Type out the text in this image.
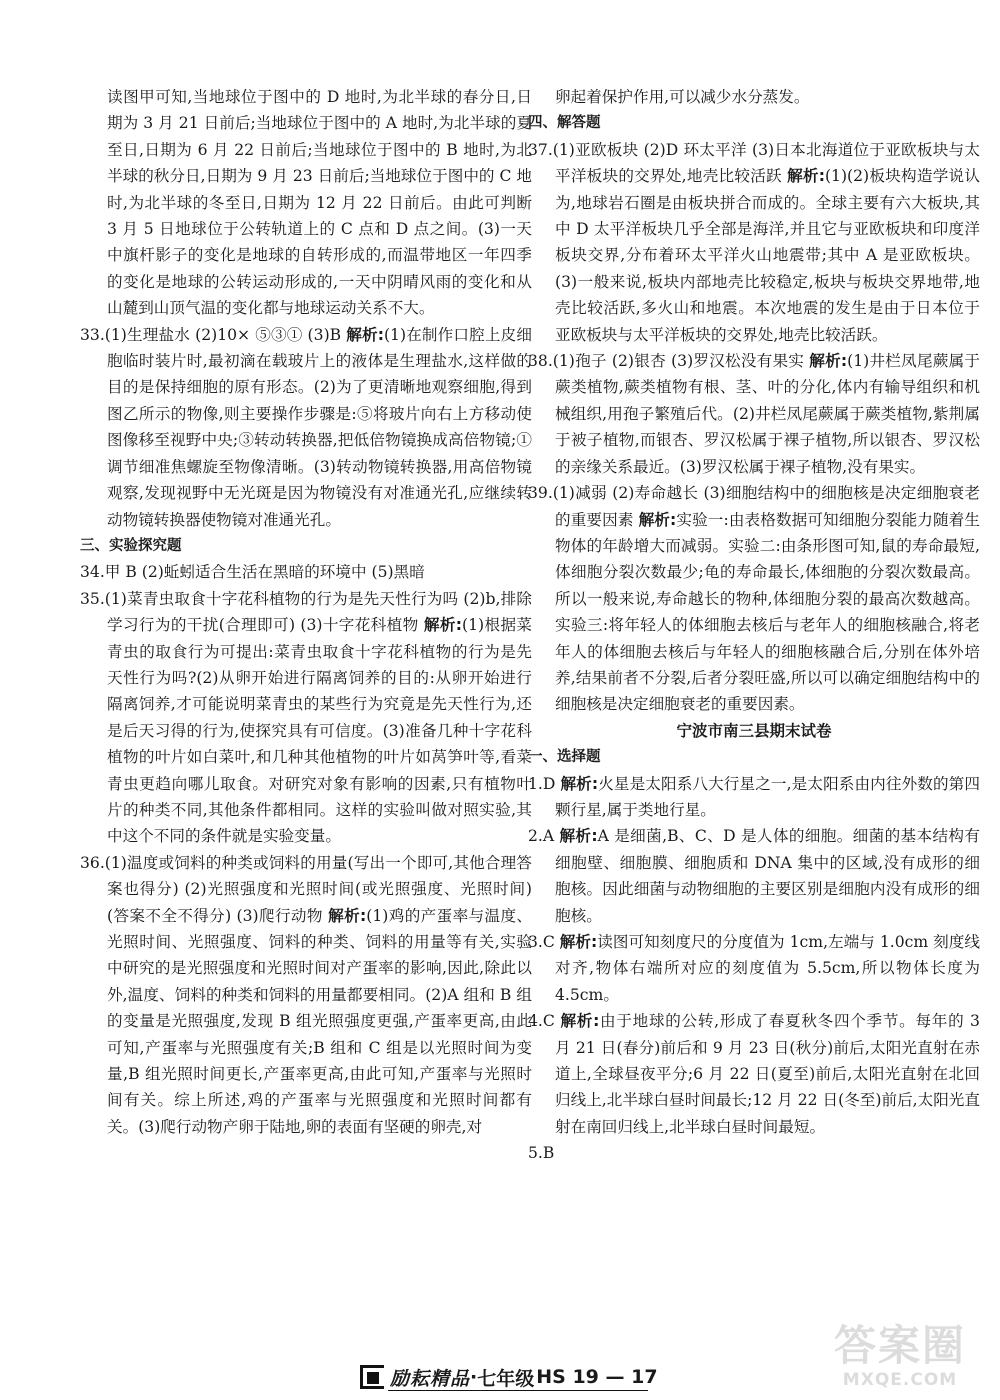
读图甲可知,当地球位于图中的 D 地时,为北半球的春分日,日期为 3 月 21 日前后;当地球位于图中的 A 地时,为北半球的夏至日,日期为 6 月 22 日前后;当地球位于图中的 B 地时,为北半球的秋分日,日期为 9 月 23 日前后;当地球位于图中的 C 地时,为北半球的冬至日,日期为 12 月 22 日前后。由此可判断 3 月 5 日地球位于公转轨道上的 C 点和 D 点之间。(3)一天中旗杆影子的变化是地球的自转形成的,而温带地区一年四季的变化是地球的公转运动形成的,一天中阴晴风雨的变化和从山麓到山顶气温的变化都与地球运动关系不大。

33.(1)生理盐水 (2)10× ⑤③① (3)B 解析:(1)在制作口腔上皮细胞临时装片时,最初滴在载玻片上的液体是生理盐水,这样做的目的是保持细胞的原有形态。(2)为了更清晰地观察细胞,得到图乙所示的物像,则主要操作步骤是:⑤将玻片向右上方移动使图像移至视野中央;③转动转换器,把低倍物镜换成高倍物镜;①调节细准焦螺旋至物像清晰。(3)转动物镜转换器,用高倍物镜观察,发现视野中无光斑是因为物镜没有对准通光孔,应继续转动物镜转换器使物镜对准通光孔。

三、实验探究题

34.甲 B (2)蚯蚓适合生活在黑暗的环境中 (5)黑暗

35.(1)菜青虫取食十字花科植物的行为是先天性行为吗 (2)b,排除学习行为的干扰(合理即可) (3)十字花科植物 解析:(1)根据菜青虫的取食行为可提出:菜青虫取食十字花科植物的行为是先天性行为吗?(2)从卵开始进行隔离饲养的目的:从卵开始进行隔离饲养,才可能说明菜青虫的某些行为究竟是先天性行为,还是后天习得的行为,使探究具有可信度。(3)准备几种十字花科植物的叶片如白菜叶,和几种其他植物的叶片如莴笋叶等,看菜青虫更趋向哪儿取食。对研究对象有影响的因素,只有植物叶片的种类不同,其他条件都相同。这样的实验叫做对照实验,其中这个不同的条件就是实验变量。

36.(1)温度或饲料的种类或饲料的用量(写出一个即可,其他合理答案也得分) (2)光照强度和光照时间(或光照强度、光照时间)(答案不全不得分) (3)爬行动物 解析:(1)鸡的产蛋率与温度、光照时间、光照强度、饲料的种类、饲料的用量等有关,实验中研究的是光照强度和光照时间对产蛋率的影响,因此,除此以外,温度、饲料的种类和饲料的用量都要相同。(2)A 组和 B 组的变量是光照强度,发现 B 组光照强度更强,产蛋率更高,由此可知,产蛋率与光照强度有关;B 组和 C 组是以光照时间为变量,B 组光照时间更长,产蛋率更高,由此可知,产蛋率与光照时间有关。综上所述,鸡的产蛋率与光照强度和光照时间都有关。(3)爬行动物产卵于陆地,卵的表面有坚硬的卵壳,对

卵起着保护作用,可以减少水分蒸发。

四、解答题

37.(1)亚欧板块 (2)D 环太平洋 (3)日本北海道位于亚欧板块与太平洋板块的交界处,地壳比较活跃 解析:(1)(2)板块构造学说认为,地球岩石圈是由板块拼合而成的。全球主要有六大板块,其中 D 太平洋板块几乎全部是海洋,并且它与亚欧板块和印度洋板块交界,分布着环太平洋火山地震带;其中 A 是亚欧板块。(3)一般来说,板块内部地壳比较稳定,板块与板块交界地带,地壳比较活跃,多火山和地震。本次地震的发生是由于日本位于亚欧板块与太平洋板块的交界处,地壳比较活跃。

38.(1)孢子 (2)银杏 (3)罗汉松没有果实 解析:(1)井栏凤尾蕨属于蕨类植物,蕨类植物有根、茎、叶的分化,体内有输导组织和机械组织,用孢子繁殖后代。(2)井栏凤尾蕨属于蕨类植物,紫荆属于被子植物,而银杏、罗汉松属于裸子植物,所以银杏、罗汉松的亲缘关系最近。(3)罗汉松属于裸子植物,没有果实。

39.(1)减弱 (2)寿命越长 (3)细胞结构中的细胞核是决定细胞衰老的重要因素 解析:实验一:由表格数据可知细胞分裂能力随着生物体的年龄增大而减弱。实验二:由条形图可知,鼠的寿命最短,体细胞分裂次数最少;龟的寿命最长,体细胞的分裂次数最高。所以一般来说,寿命越长的物种,体细胞分裂的最高次数越高。实验三:将年轻人的体细胞去核后与老年人的细胞核融合,将老年人的体细胞去核后与年轻人的细胞核融合后,分别在体外培养,结果前者不分裂,后者分裂旺盛,所以可以确定细胞结构中的细胞核是决定细胞衰老的重要因素。

宁波市南三县期末试卷

一、选择题

1.D 解析:火星是太阳系八大行星之一,是太阳系由内往外数的第四颗行星,属于类地行星。

2.A 解析:A 是细菌,B、C、D 是人体的细胞。细菌的基本结构有细胞壁、细胞膜、细胞质和 DNA 集中的区域,没有成形的细胞核。因此细菌与动物细胞的主要区别是细胞内没有成形的细胞核。

3.C 解析:读图可知刻度尺的分度值为 1cm,左端与 1.0cm 刻度线对齐,物体右端所对应的刻度值为 5.5cm,所以物体长度为 4.5cm。

4.C 解析:由于地球的公转,形成了春夏秋冬四个季节。每年的 3 月 21 日(春分)前后和 9 月 23 日(秋分)前后,太阳光直射在赤道上,全球昼夜平分;6 月 22 日(夏至)前后,太阳光直射在北回归线上,北半球白昼时间最长;12 月 22 日(冬至)前后,太阳光直射在南回归线上,北半球白昼时间最短。

5.B

励耘精品 · 七年级 HS 19 — 17
答案圈
MXQE.COM
